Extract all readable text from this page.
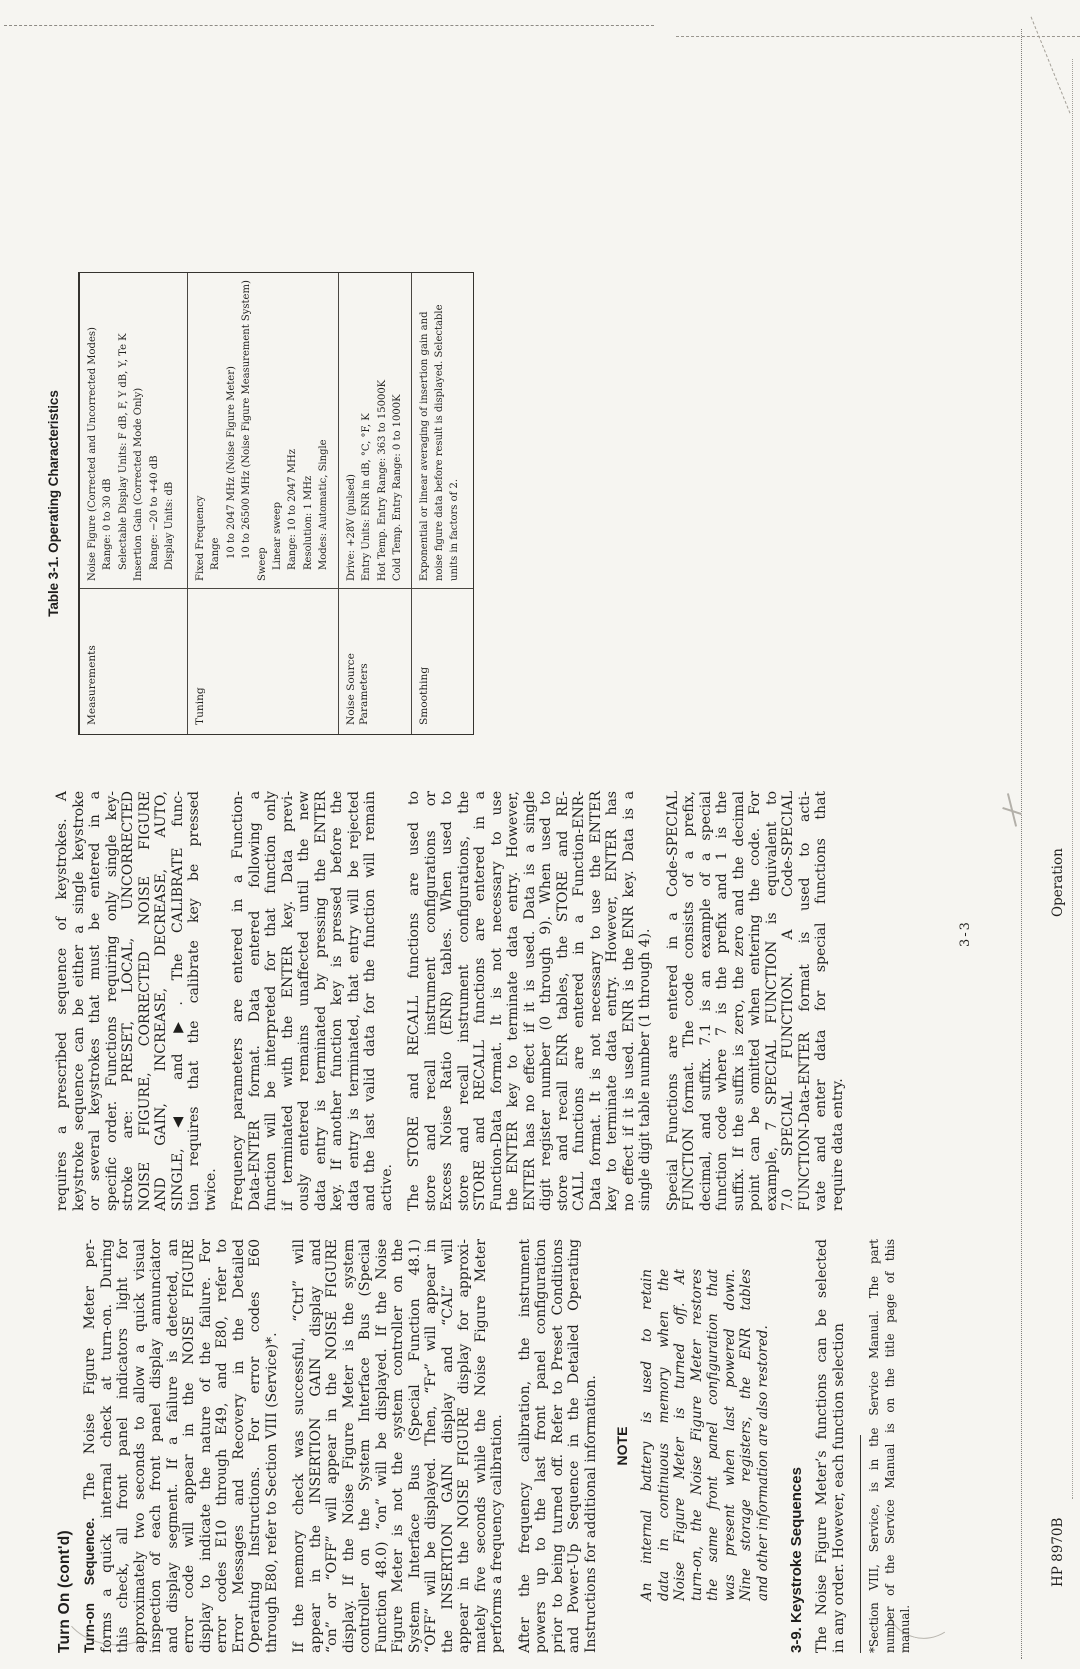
Turn On (cont'd) Turn-on Sequence. The Noise Figure Meter per- forms a quick internal check at turn-on. During this check, all front panel indicators light for approximately two seconds to allow a quick visual inspection of each front panel display annunciator and display segment. If a failure is detected, an error code will appear in the NOISE FIGURE display to indicate the nature of the failure. For error codes E10 through E49, and E80, refer to Error Messages and Recovery in the Detailed Operating Instructions. For error codes E60 through E80, refer to Section VIII (Service)*. If the memory check was successful, “Ctrl” will appear in the INSERTION GAIN display and “on” or “OFF” will appear in the NOISE FIGURE display. If the Noise Figure Meter is the system controller on the System Interface Bus (Special Function 48.0) “on” will be displayed. If the Noise Figure Meter is not the system controller on the System Interface Bus (Special Function 48.1) “OFF” will be displayed. Then, “Fr” will appear in the INSERTION GAIN display and “CAL” will appear in the NOISE FIGURE display for approxi- mately five seconds while the Noise Figure Meter performs a frequency calibration. After the frequency calibration, the instrument powers up to the last front panel configuration prior to being turned off. Refer to Preset Conditions and Power-Up Sequence in the Detailed Operating Instructions for additional information. NOTE An internal battery is used to retain data in continuous memory when the Noise Figure Meter is turned off. At turn-on, the Noise Figure Meter restores the same front panel configuration that was present when last powered down. Nine storage registers, the ENR tables and other information are also restored. 3-9. Keystroke Sequences The Noise Figure Meter’s functions can be selected in any order. However, each function selection *Section VIII, Service, is in the Service Manual. The part number of the Service Manual is on the title page of this manual.
requires a prescribed sequence of keystrokes. A keystroke sequence can be either a single keystroke or several keystrokes that must be entered in a specific order. Functions requiring only single key- stroke are: PRESET, LOCAL, UNCORRECTED NOISE FIGURE, CORRECTED NOISE FIGURE AND GAIN, INCREASE, DECREASE, AUTO, SINGLE, ◀ and ▶. The CALIBRATE func- tion requires that the calibrate key be pressed twice. Frequency parameters are entered in a Function- Data-ENTER format. Data entered following a function will be interpreted for that function only if terminated with the ENTER key. Data previ- ously entered remains unaffected until the new data entry is terminated by pressing the ENTER key. If another function key is pressed before the data entry is terminated, that entry will be rejected and the last valid data for the function will remain active. The STORE and RECALL functions are used to store and recall instrument configurations or Excess Noise Ratio (ENR) tables. When used to store and recall instrument configurations, the STORE and RECALL functions are entered in a Function-Data format. It is not necessary to use the ENTER key to terminate data entry. However, ENTER has no effect if it is used. Data is a single digit register number (0 through 9). When used to store and recall ENR tables, the STORE and RE- CALL functions are entered in a Function-ENR- Data format. It is not necessary to use the ENTER key to terminate data entry. However, ENTER has no effect if it is used. ENR is the ENR key. Data is a single digit table number (1 through 4). Special Functions are entered in a Code-SPECIAL FUNCTION format. The code consists of a prefix, decimal, and suffix. 7.1 is an example of a special function code where 7 is the prefix and 1 is the suffix. If the suffix is zero, the zero and the decimal point can be omitted when entering the code. For example, 7 SPECIAL FUNCTION is equivalent to 7.0 SPECIAL FUNCTION. A Code-SPECIAL FUNCTION-Data-ENTER format is used to acti- vate and enter data for special functions that require data entry.
Table 3-1. Operating Characteristics
Measurements
Noise Figure (Corrected and Uncorrected Modes) Range: 0 to 30 dB Selectable Display Units: F dB, F, Y dB, Y, Te K Insertion Gain (Corrected Mode Only) Range: −20 to +40 dB Display Units: dB
Tuning
Fixed Frequency Range 10 to 2047 MHz (Noise Figure Meter) 10 to 26500 MHz (Noise Figure Measurement System)
Sweep Linear sweep Range: 10 to 2047 MHz Resolution: 1 MHz Modes: Automatic, Single
Noise Source Parameters
Drive: +28V (pulsed) Entry Units: ENR in dB, °C, °F, K Hot Temp. Entry Range: 363 to 15000K Cold Temp. Entry Range: 0 to 1000K
Smoothing
Exponential or linear averaging of insertion gain and noise figure data before result is displayed. Selectable units in factors of 2.
3-3
HP 8970B
Operation
